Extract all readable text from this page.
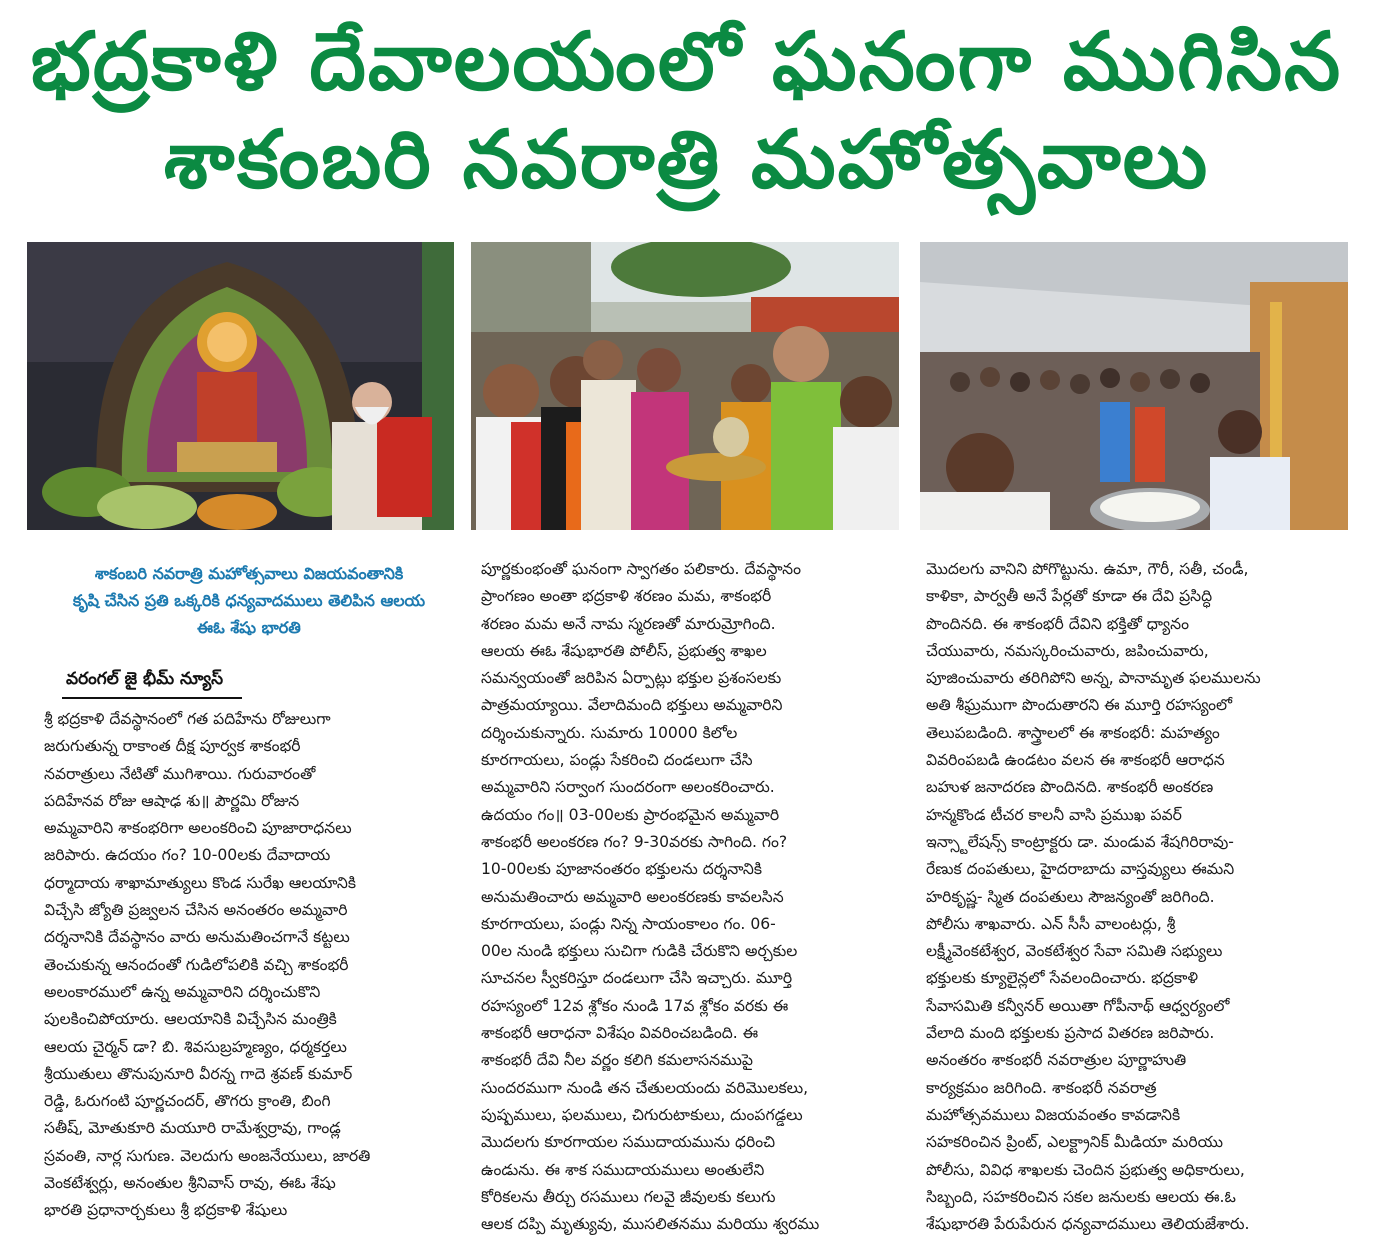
భద్రకాళి దేవాలయంలో ఘనంగా ముగిసిన
శాకంబరి నవరాత్రి మహోత్సవాలు
శాకంబరి నవరాత్రి మహోత్సవాలు విజయవంతానికి
కృషి చేసిన ప్రతి ఒక్కరికి ధన్యవాదములు తెలిపిన ఆలయ
ఈఓ శేషు భారతి
వరంగల్ జై భీమ్ న్యూస్

శ్రీ భద్రకాళి దేవస్థానంలో గత పదిహేను రోజులుగా

జరుగుతున్న రాకాంత దీక్ష పూర్వక శాకంభరీ

నవరాత్రులు నేటితో ముగిశాయి. గురువారంతో

పదిహేనవ రోజు ఆషాఢ శు॥ పౌర్ణమి రోజున

అమ్మవారిని శాకంభరిగా అలంకరించి పూజారాధనలు

జరిపారు. ఉదయం గం? 10-00లకు దేవాదాయ

ధర్మాదాయ శాఖామాత్యులు కొండ సురేఖ ఆలయానికి

విచ్చేసి జ్యోతి ప్రజ్వలన చేసిన అనంతరం అమ్మవారి

దర్శనానికి దేవస్థానం వారు అనుమతించగానే కట్టలు

తెంచుకున్న ఆనందంతో గుడిలోపలికి వచ్చి శాకంభరీ

అలంకారములో ఉన్న అమ్మవారిని దర్శించుకొని

పులకించిపోయారు. ఆలయానికి విచ్చేసిన మంత్రికి

ఆలయ చైర్మన్ డా? బి. శివసుబ్రహ్మణ్యం, ధర్మకర్తలు

శ్రీయుతులు తొనుపునూరి వీరన్న గాదె శ్రవణ్ కుమార్

రెడ్డి, ఓరుగంటి పూర్ణచందర్, తొగరు క్రాంతి, బింగి

సతీష్, మోతుకూరి మయూరి రామేశ్వర్రావు, గాండ్ల

స్రవంతి, నార్ల సుగుణ. వెలదుగు అంజనేయులు, జారతి

వెంకటేశ్వర్లు, అనంతుల శ్రీనివాస్ రావు, ఈఓ శేషు

భారతి ప్రధానార్చకులు శ్రీ భద్రకాళి శేషులు

పూర్ణకుంభంతో ఘనంగా స్వాగతం పలికారు. దేవస్థానం

ప్రాంగణం అంతా భద్రకాళి శరణం మమ, శాకంభరీ

శరణం మమ అనే నామ స్మరణతో మారుమ్రోగింది.

ఆలయ ఈఓ శేషుభారతి పోలీస్, ప్రభుత్వ శాఖల

సమన్వయంతో జరిపిన ఏర్పాట్లు భక్తుల ప్రశంసలకు

పాత్రమయ్యాయి. వేలాదిమంది భక్తులు అమ్మవారిని

దర్శించుకున్నారు. సుమారు 10000 కిలోల

కూరగాయలు, పండ్లు సేకరించి దండలుగా చేసి

అమ్మవారిని సర్వాంగ సుందరంగా అలంకరించారు.

ఉదయం గం॥ 03-00లకు ప్రారంభమైన అమ్మవారి

శాకంభరీ అలంకరణ గం? 9-30వరకు సాగింది. గం?

10-00లకు పూజానంతరం భక్తులను దర్శనానికి

అనుమతించారు అమ్మవారి అలంకరణకు కావలసిన

కూరగాయలు, పండ్లు నిన్న సాయంకాలం గం. 06-

00ల నుండి భక్తులు సుచిగా గుడికి చేరుకొని అర్చకుల

సూచనల స్వీకరిస్తూ దండలుగా చేసి ఇచ్చారు. మూర్తి

రహస్యంలో 12వ శ్లోకం నుండి 17వ శ్లోకం వరకు ఈ

శాకంభరీ ఆరాధనా విశేషం వివరించబడింది. ఈ

శాకంభరీ దేవి నీల వర్ణం కలిగి కమలాసనముపై

సుందరముగా నుండి తన చేతులయందు వరిమొలకలు,

పుష్పములు, ఫలములు, చిగురుటాకులు, దుంపగడ్డలు

మొదలగు కూరగాయల సముదాయమును ధరించి

ఉండును. ఈ శాక సముదాయములు అంతులేని

కోరికలను తీర్చు రసములు గలవై జీవులకు కలుగు

ఆలక దప్పి మృత్యువు, ముసలితనము మరియు శ్వరము

మొదలగు వానిని పోగొట్టును. ఉమా, గౌరీ, సతీ, చండీ,

కాళికా, పార్వతీ అనే పేర్లతో కూడా ఈ దేవి ప్రసిద్ధి

పొందినది. ఈ శాకంభరీ దేవిని భక్తితో ధ్యానం

చేయువారు, నమస్కరించువారు, జపించువారు,

పూజించువారు తరిగిపోని అన్న, పానామృత ఫలములను

అతి శీఘ్రముగా పొందుతారని ఈ మూర్తి రహస్యంలో

తెలుపబడింది. శాస్త్రాలలో ఈ శాకంభరీ: మహత్యం

వివరింపబడి ఉండటం వలన ఈ శాకంభరీ ఆరాధన

బహుళ జనాదరణ పొందినది. శాకంభరీ అంకరణ

హన్మకొండ టీచర కాలనీ వాసి ప్రముఖ పవర్

ఇన్స్టాలేషన్స్ కాంట్రాక్టరు డా. మండువ శేషగిరిరావు-

రేణుక దంపతులు, హైదరాబాదు వాస్తవ్యులు ఈమని

హరికృష్ణ- స్మిత దంపతులు సౌజన్యంతో జరిగింది.

పోలీసు శాఖవారు. ఎన్ సీసీ వాలంటర్లు, శ్రీ

లక్ష్మీవెంకటేశ్వర, వెంకటేశ్వర సేవా సమితి సభ్యులు

భక్తులకు క్యూలైన్లలో సేవలందించారు. భద్రకాళి

సేవాసమితి కన్వీనర్ అయితా గోపీనాథ్ ఆధ్వర్యంలో

వేలాది మంది భక్తులకు ప్రసాద వితరణ జరిపారు.

అనంతరం శాకంభరీ నవరాత్రుల పూర్ణాహుతి

కార్యక్రమం జరిగింది. శాకంభరీ నవరాత్ర

మహోత్సవములు విజయవంతం కావడానికి

సహకరించిన ప్రింట్, ఎలక్ట్రానిక్ మీడియా మరియు

పోలీసు, వివిధ శాఖలకు చెందిన ప్రభుత్వ అధికారులు,

సిబ్బంది, సహకరించిన సకల జనులకు ఆలయ ఈ.ఓ

శేషుభారతి పేరుపేరున ధన్యవాదములు తెలియజేశారు.
